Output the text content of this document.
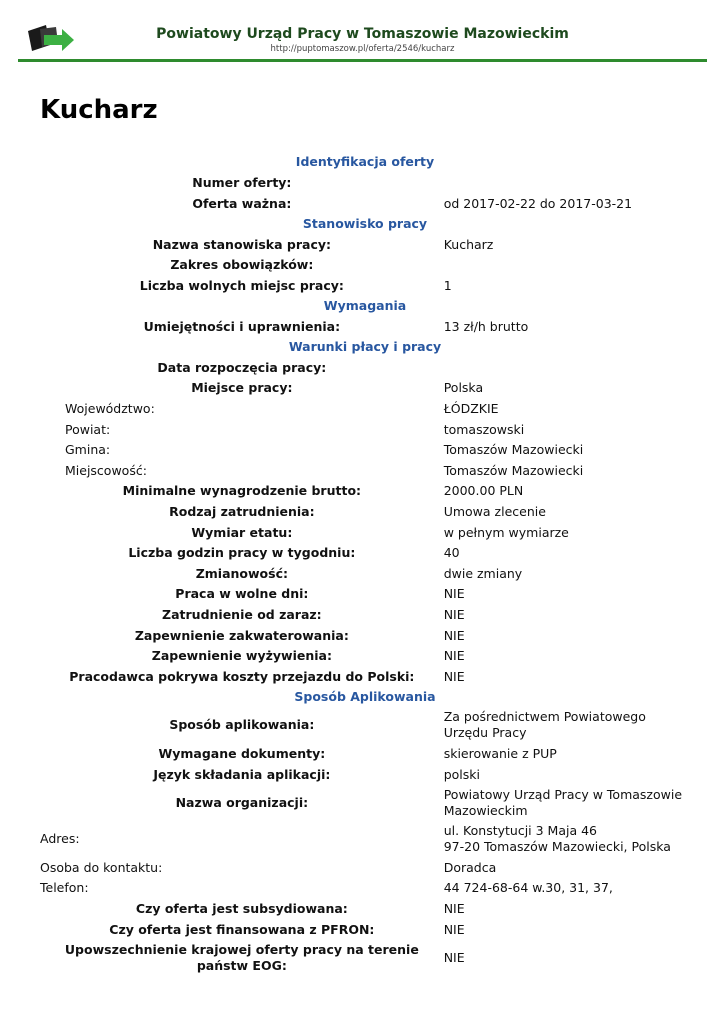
Powiatowy Urząd Pracy w Tomaszowie Mazowieckim
http://puptomaszow.pl/oferta/2546/kucharz
Kucharz
Identyfikacja oferty	
Numer oferty:	
Oferta ważna:	od 2017-02-22 do 2017-03-21
Stanowisko pracy	
Nazwa stanowiska pracy:	Kucharz
Zakres obowiązków:	
Liczba wolnych miejsc pracy:	1
Wymagania	
Umiejętności i uprawnienia:	13 zł/h brutto
Warunki płacy i pracy	
Data rozpoczęcia pracy:	
Miejsce pracy:	Polska
Województwo:	ŁÓDZKIE
Powiat:	tomaszowski
Gmina:	Tomaszów Mazowiecki
Miejscowość:	Tomaszów Mazowiecki
Minimalne wynagrodzenie brutto:	2000.00 PLN
Rodzaj zatrudnienia:	Umowa zlecenie
Wymiar etatu:	w pełnym wymiarze
Liczba godzin pracy w tygodniu:	40
Zmianowość:	dwie zmiany
Praca w wolne dni:	NIE
Zatrudnienie od zaraz:	NIE
Zapewnienie zakwaterowania:	NIE
Zapewnienie wyżywienia:	NIE
Pracodawca pokrywa koszty przejazdu do Polski:	NIE
Sposób Aplikowania	
Sposób aplikowania:	Za pośrednictwem Powiatowego Urzędu Pracy
Wymagane dokumenty:	skierowanie z PUP
Język składania aplikacji:	polski
Nazwa organizacji:	Powiatowy Urząd Pracy w Tomaszowie Mazowieckim
Adres:	ul. Konstytucji 3 Maja 46
97-20 Tomaszów Mazowiecki, Polska
Osoba do kontaktu:	Doradca
Telefon:	44 724-68-64 w.30, 31, 37,
Czy oferta jest subsydiowana:	NIE
Czy oferta jest finansowana z PFRON:	NIE
Upowszechnienie krajowej oferty pracy na terenie państw EOG:	NIE
